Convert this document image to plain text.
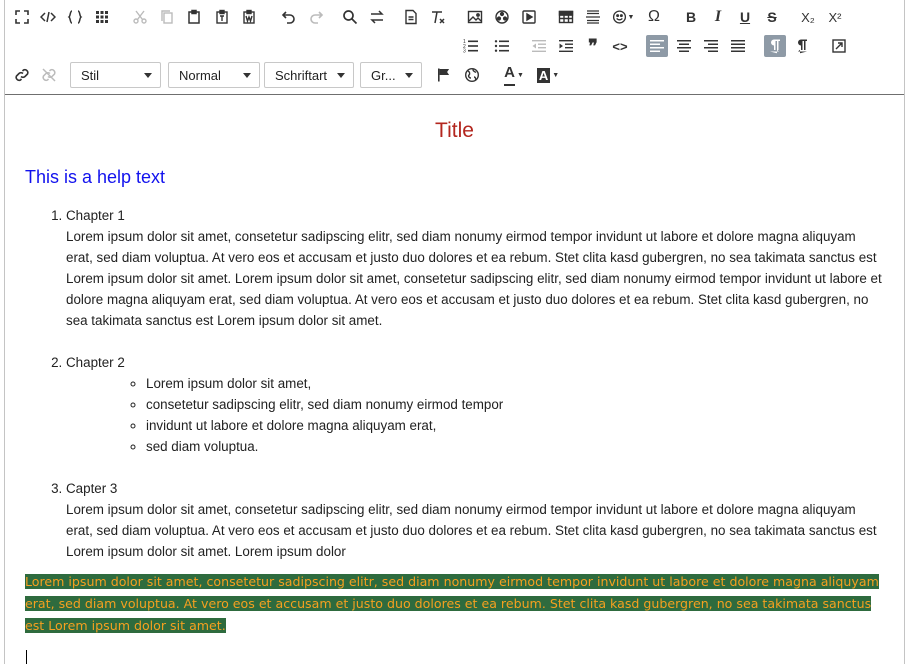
▼ Ω B I U S X₂ X²
1
2
3	❞ <>
Stil	Normal	Schriftart	Gr...	A ▼ A ▼
Title
This is a help text
1. Chapter 1
Lorem ipsum dolor sit amet, consetetur sadipscing elitr, sed diam nonumy eirmod tempor invidunt ut labore et dolore magna aliquyam erat, sed diam voluptua. At vero eos et accusam et justo duo dolores et ea rebum. Stet clita kasd gubergren, no sea takimata sanctus est Lorem ipsum dolor sit amet. Lorem ipsum dolor sit amet, consetetur sadipscing elitr, sed diam nonumy eirmod tempor invidunt ut labore et dolore magna aliquyam erat, sed diam voluptua. At vero eos et accusam et justo duo dolores et ea rebum. Stet clita kasd gubergren, no sea takimata sanctus est Lorem ipsum dolor sit amet.
2. Chapter 2
◦ Lorem ipsum dolor sit amet,
◦ consetetur sadipscing elitr, sed diam nonumy eirmod tempor
◦ invidunt ut labore et dolore magna aliquyam erat,
◦ sed diam voluptua.
3. Capter 3
Lorem ipsum dolor sit amet, consetetur sadipscing elitr, sed diam nonumy eirmod tempor invidunt ut labore et dolore magna aliquyam erat, sed diam voluptua. At vero eos et accusam et justo duo dolores et ea rebum. Stet clita kasd gubergren, no sea takimata sanctus est Lorem ipsum dolor sit amet. Lorem ipsum dolor
Lorem ipsum dolor sit amet, consetetur sadipscing elitr, sed diam nonumy eirmod tempor invidunt ut labore et dolore magna aliquyam erat, sed diam voluptua. At vero eos et accusam et justo duo dolores et ea rebum. Stet clita kasd gubergren, no sea takimata sanctus est Lorem ipsum dolor sit amet.
